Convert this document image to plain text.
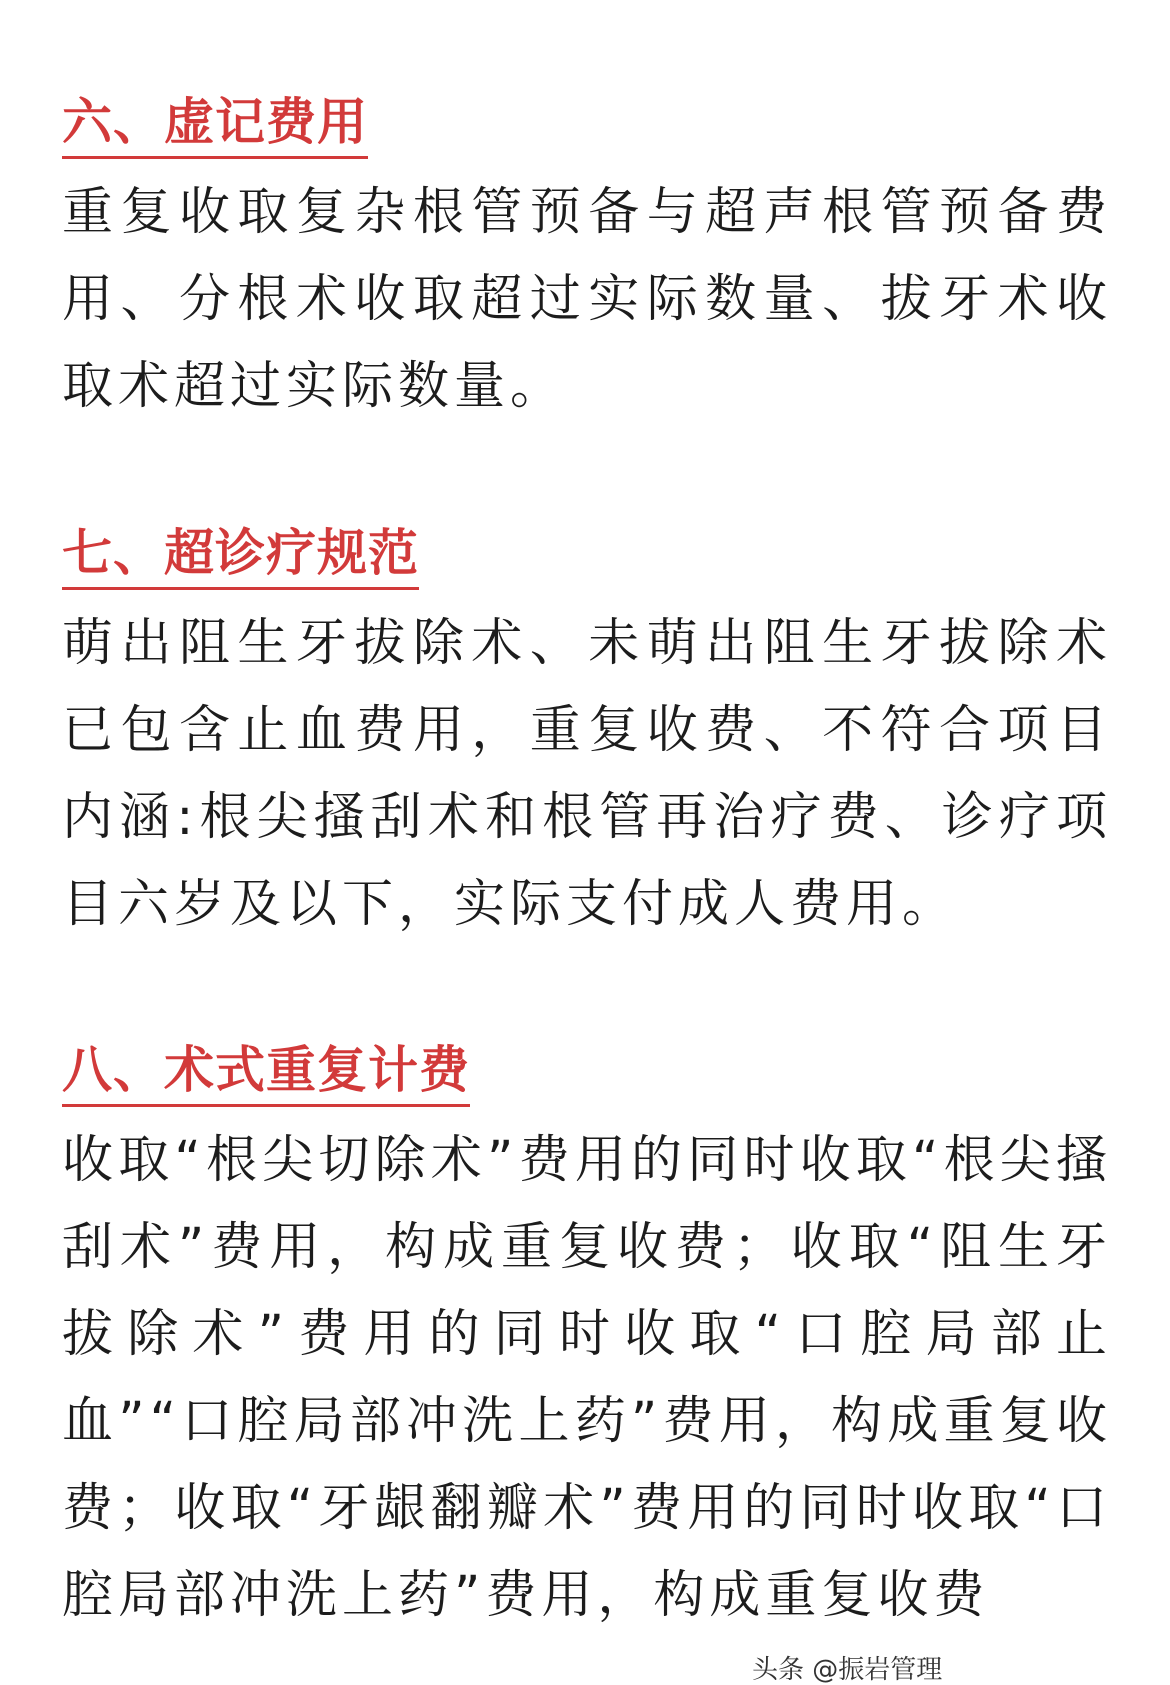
六、虚记费用
重复收取复杂根管预备与超声根管预备费用、分根术收取超过实际数量、拔牙术收取术超过实际数量。
七、超诊疗规范
萌出阻生牙拔除术、未萌出阻生牙拔除术已包含止血费用，重复收费、不符合项目内涵:根尖搔刮术和根管再治疗费、诊疗项目六岁及以下，实际支付成人费用。
八、术式重复计费
收取“根尖切除术”费用的同时收取“根尖搔刮术”费用，构成重复收费；收取“阻生牙拔除术”费用的同时收取“口腔局部止血”“口腔局部冲洗上药”费用，构成重复收费；收取“牙龈翻瓣术”费用的同时收取“口腔局部冲洗上药”费用，构成重复收费
头条 @振岩管理
